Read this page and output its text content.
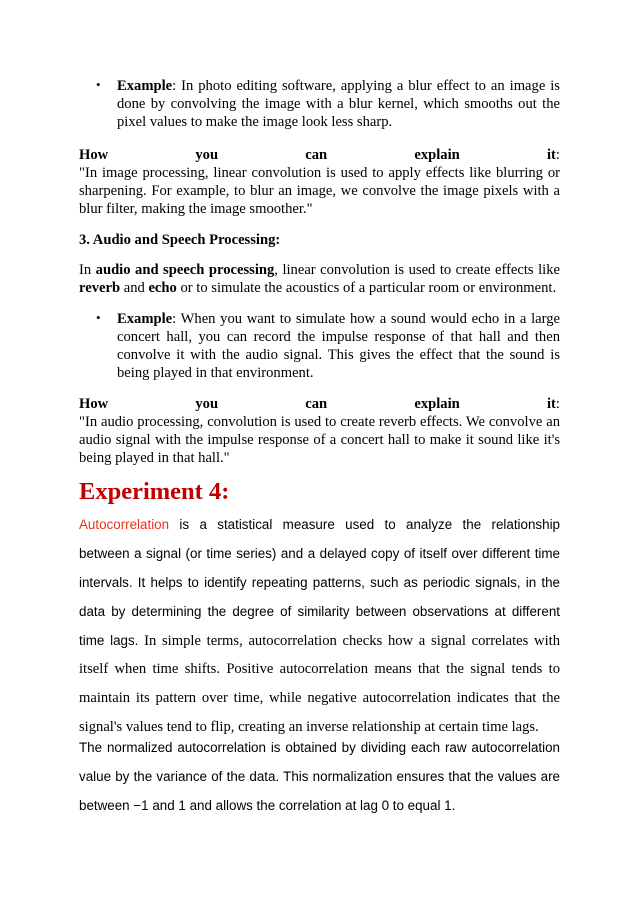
• Example: In photo editing software, applying a blur effect to an image is done by convolving the image with a blur kernel, which smooths out the pixel values to make the image look less sharp.
How	you	can	explain	it:
"In image processing, linear convolution is used to apply effects like blurring or sharpening. For example, to blur an image, we convolve the image pixels with a blur filter, making the image smoother."
3. Audio and Speech Processing:
In audio and speech processing, linear convolution is used to create effects like reverb and echo or to simulate the acoustics of a particular room or environment.
• Example: When you want to simulate how a sound would echo in a large concert hall, you can record the impulse response of that hall and then convolve it with the audio signal. This gives the effect that the sound is being played in that environment.
How	you	can	explain	it:
"In audio processing, convolution is used to create reverb effects. We convolve an audio signal with the impulse response of a concert hall to make it sound like it's being played in that hall."
Experiment 4:
Autocorrelation is a statistical measure used to analyze the relationship
between a signal (or time series) and a delayed copy of itself over different time
intervals. It helps to identify repeating patterns, such as periodic signals, in the
data by determining the degree of similarity between observations at different
time lags. In simple terms, autocorrelation checks how a signal correlates with
itself when time shifts. Positive autocorrelation means that the signal tends to
maintain its pattern over time, while negative autocorrelation indicates that the
signal's values tend to flip, creating an inverse relationship at certain time lags.
The normalized autocorrelation is obtained by dividing each raw autocorrelation
value by the variance of the data. This normalization ensures that the values are
between −1 and 1 and allows the correlation at lag 0 to equal 1.
